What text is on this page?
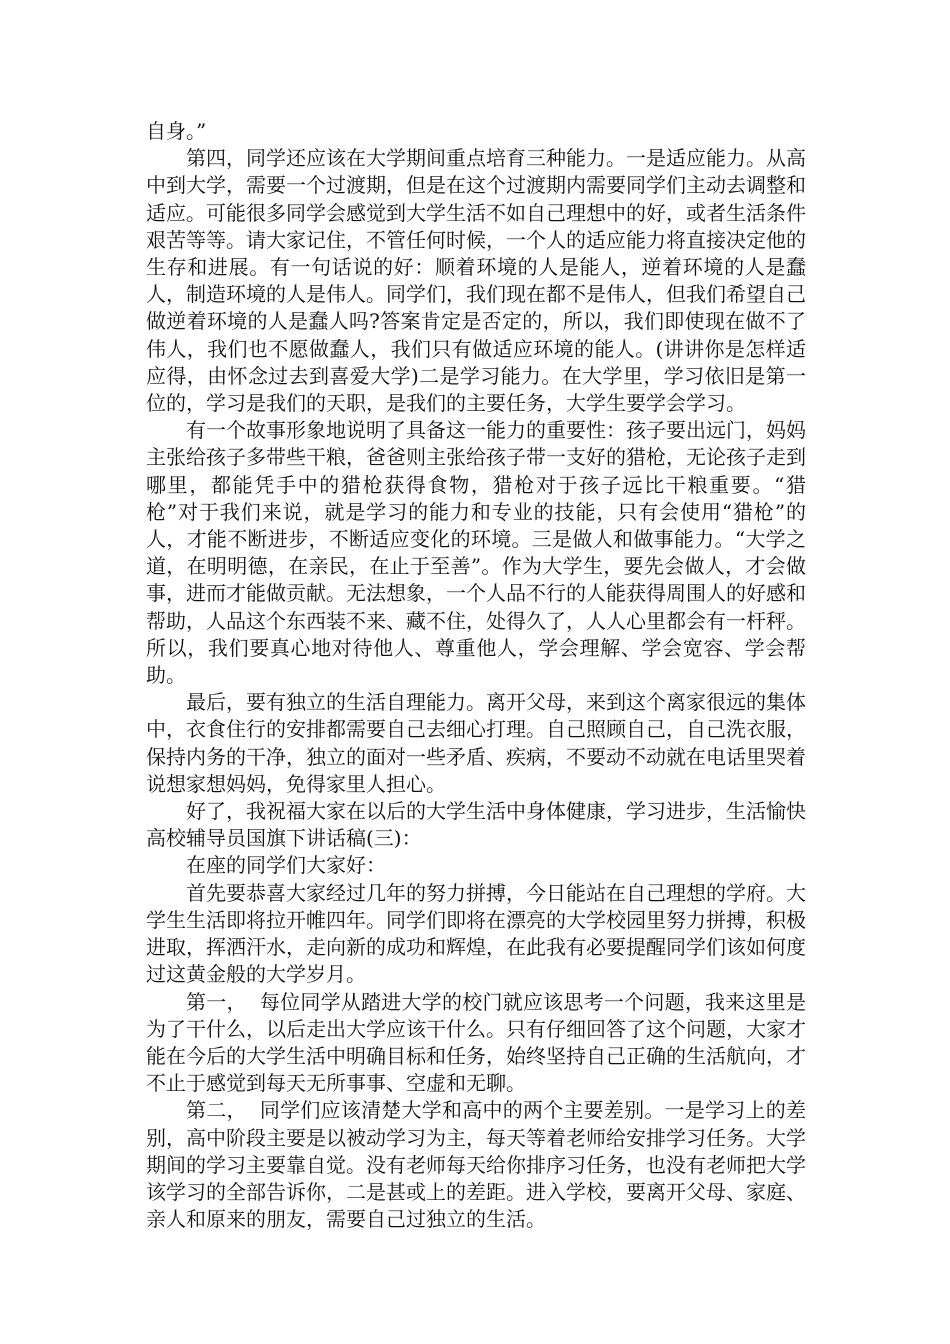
自身。”

第四，同学还应该在大学期间重点培育三种能力。一是适应能力。从高中到大学，需要一个过渡期，但是在这个过渡期内需要同学们主动去调整和适应。可能很多同学会感觉到大学生活不如自己理想中的好，或者生活条件艰苦等等。请大家记住，不管任何时候，一个人的适应能力将直接决定他的生存和进展。有一句话说的好：顺着环境的人是能人，逆着环境的人是蠢人，制造环境的人是伟人。同学们，我们现在都不是伟人，但我们希望自己做逆着环境的人是蠢人吗?答案肯定是否定的，所以，我们即使现在做不了伟人，我们也不愿做蠢人，我们只有做适应环境的能人。(讲讲你是怎样适应得，由怀念过去到喜爱大学)二是学习能力。在大学里，学习依旧是第一位的，学习是我们的天职，是我们的主要任务，大学生要学会学习。

有一个故事形象地说明了具备这一能力的重要性：孩子要出远门，妈妈主张给孩子多带些干粮，爸爸则主张给孩子带一支好的猎枪，无论孩子走到哪里，都能凭手中的猎枪获得食物，猎枪对于孩子远比干粮重要。“猎枪”对于我们来说，就是学习的能力和专业的技能，只有会使用“猎枪”的人，才能不断进步，不断适应变化的环境。三是做人和做事能力。“大学之道，在明明德，在亲民，在止于至善”。作为大学生，要先会做人，才会做事，进而才能做贡献。无法想象，一个人品不行的人能获得周围人的好感和帮助，人品这个东西装不来、藏不住，处得久了，人人心里都会有一杆秤。所以，我们要真心地对待他人、尊重他人，学会理解、学会宽容、学会帮助。

最后，要有独立的生活自理能力。离开父母，来到这个离家很远的集体中，衣食住行的安排都需要自己去细心打理。自己照顾自己，自己洗衣服，保持内务的干净，独立的面对一些矛盾、疾病，不要动不动就在电话里哭着说想家想妈妈，免得家里人担心。

好了，我祝福大家在以后的大学生活中身体健康，学习进步，生活愉快　　高校辅导员国旗下讲话稿(三)：

在座的同学们大家好：

首先要恭喜大家经过几年的努力拼搏，今日能站在自己理想的学府。大学生生活即将拉开帷四年。同学们即将在漂亮的大学校园里努力拼搏，积极进取，挥洒汗水，走向新的成功和辉煌，在此我有必要提醒同学们该如何度过这黄金般的大学岁月。

第一，  每位同学从踏进大学的校门就应该思考一个问题，我来这里是为了干什么，以后走出大学应该干什么。只有仔细回答了这个问题，大家才能在今后的大学生活中明确目标和任务，始终坚持自己正确的生活航向，才不止于感觉到每天无所事事、空虚和无聊。

第二，  同学们应该清楚大学和高中的两个主要差别。一是学习上的差别，高中阶段主要是以被动学习为主，每天等着老师给安排学习任务。大学期间的学习主要靠自觉。没有老师每天给你排序习任务，也没有老师把大学该学习的全部告诉你，二是甚或上的差距。进入学校，要离开父母、家庭、亲人和原来的朋友，需要自己过独立的生活。
